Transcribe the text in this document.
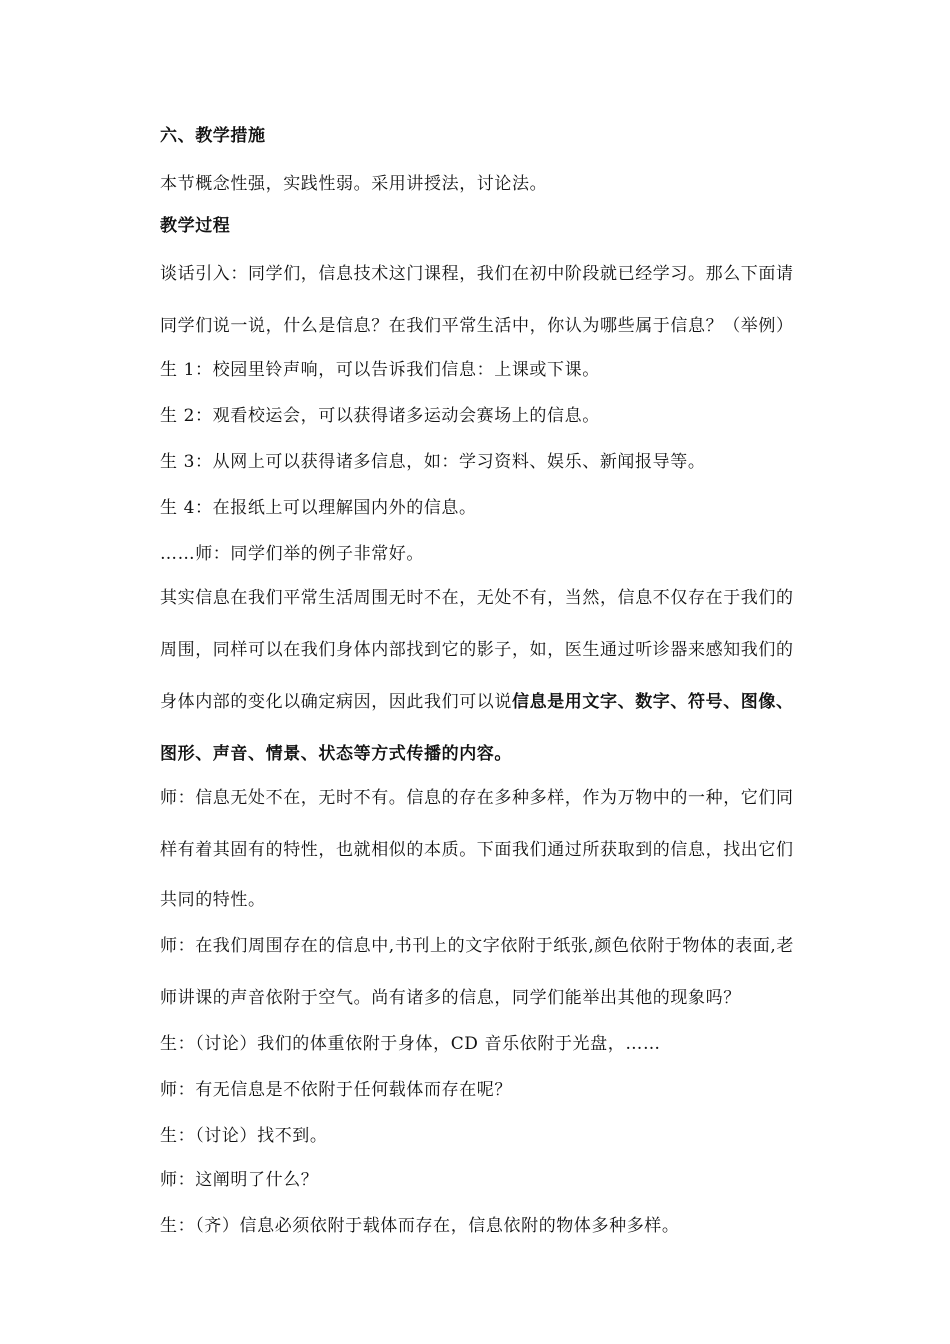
六、教学措施
本节概念性强，实践性弱。采用讲授法，讨论法。
教学过程
谈话引入：同学们，信息技术这门课程，我们在初中阶段就已经学习。那么下面请
同学们说一说，什么是信息？在我们平常生活中，你认为哪些属于信息？（举例）
生 1：校园里铃声响，可以告诉我们信息：上课或下课。
生 2：观看校运会，可以获得诸多运动会赛场上的信息。
生 3：从网上可以获得诸多信息，如：学习资料、娱乐、新闻报导等。
生 4：在报纸上可以理解国内外的信息。
……师：同学们举的例子非常好。
其实信息在我们平常生活周围无时不在，无处不有，当然，信息不仅存在于我们的
周围，同样可以在我们身体内部找到它的影子，如，医生通过听诊器来感知我们的
身体内部的变化以确定病因，因此我们可以说信息是用文字、数字、符号、图像、
图形、声音、情景、状态等方式传播的内容。
师：信息无处不在，无时不有。信息的存在多种多样，作为万物中的一种，它们同
样有着其固有的特性，也就相似的本质。下面我们通过所获取到的信息，找出它们
共同的特性。
师：在我们周围存在的信息中,书刊上的文字依附于纸张,颜色依附于物体的表面,老
师讲课的声音依附于空气。尚有诸多的信息，同学们能举出其他的现象吗？
生：（讨论）我们的体重依附于身体，CD 音乐依附于光盘，……
师：有无信息是不依附于任何载体而存在呢？
生：（讨论）找不到。
师：这阐明了什么？
生：（齐）信息必须依附于载体而存在，信息依附的物体多种多样。
